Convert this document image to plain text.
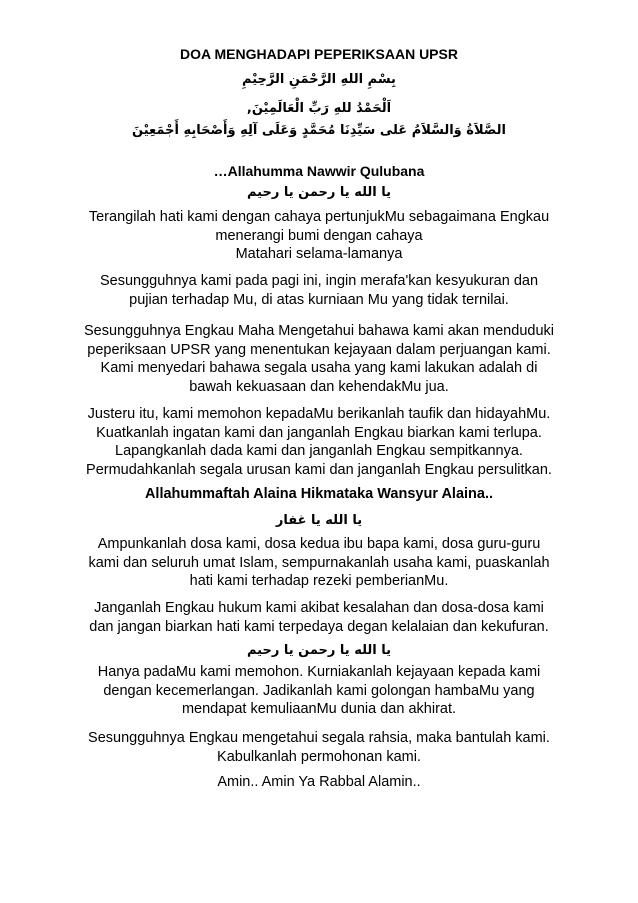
DOA MENGHADAPI PEPERIKSAAN UPSR
بِسْمِ اللهِ الرَّحْمَنِ الرَّحِيْمِ
اَلْحَمْدُ للهِ رَبِّ الْعَالَمِيْنَ,
الصَّلاَةُ وَالسَّلاَمُ عَلى سَيِّدِنَا مُحَمَّدٍ وَعَلَى آلِهِ وَأَصْحَابِهِ أَجْمَعِيْنَ
…Allahumma Nawwir Qulubana
يا الله يا رحمن يا رحيم
Terangilah hati kami dengan cahaya pertunjukMu sebagaimana Engkau
menerangi bumi dengan cahaya
Matahari selama-lamanya
Sesungguhnya kami pada pagi ini, ingin merafa'kan kesyukuran dan
pujian terhadap Mu, di atas kurniaan Mu yang tidak ternilai.
Sesungguhnya Engkau Maha Mengetahui bahawa kami akan menduduki
peperiksaan UPSR yang menentukan kejayaan dalam perjuangan kami.
Kami menyedari bahawa segala usaha yang kami lakukan adalah di
bawah kekuasaan dan kehendakMu jua.
Justeru itu, kami memohon kepadaMu berikanlah taufik dan hidayahMu.
Kuatkanlah ingatan kami dan janganlah Engkau biarkan kami terlupa.
Lapangkanlah dada kami dan janganlah Engkau sempitkannya.
Permudahkanlah segala urusan kami dan janganlah Engkau persulitkan.
Allahummaftah Alaina Hikmataka Wansyur Alaina..
يا الله يا غفار
Ampunkanlah dosa kami, dosa kedua ibu bapa kami, dosa guru-guru
kami dan seluruh umat Islam, sempurnakanlah usaha kami, puaskanlah
hati kami terhadap rezeki pemberianMu.
Janganlah Engkau hukum kami akibat kesalahan dan dosa-dosa kami
dan jangan biarkan hati kami terpedaya degan kelalaian dan kekufuran.
يا الله يا رحمن يا رحيم
Hanya padaMu kami memohon. Kurniakanlah kejayaan kepada kami
dengan kecemerlangan. Jadikanlah kami golongan hambaMu yang
mendapat kemuliaanMu dunia dan akhirat.
Sesungguhnya Engkau mengetahui segala rahsia, maka bantulah kami.
Kabulkanlah permohonan kami.
Amin.. Amin Ya Rabbal Alamin..
